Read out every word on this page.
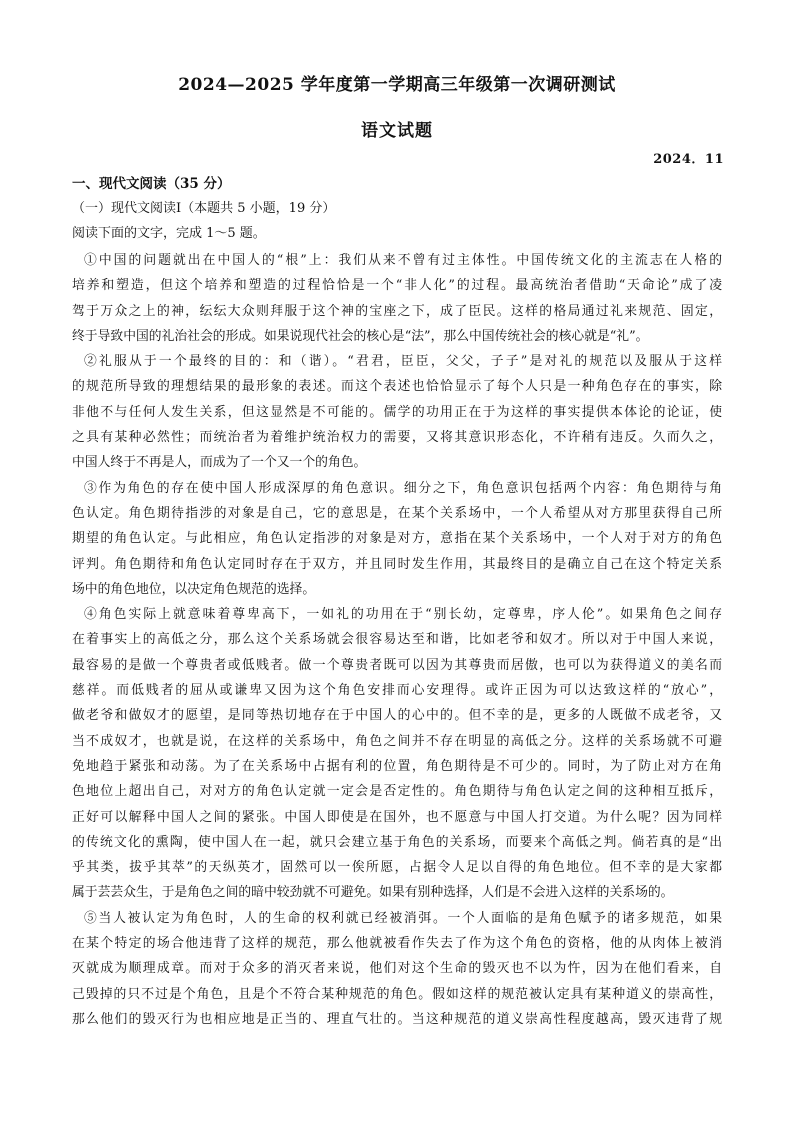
2024—2025 学年度第一学期高三年级第一次调研测试
语文试题
2024．11
一、现代文阅读（35 分）
（一）现代文阅读Ⅰ（本题共 5 小题，19 分）
阅读下面的文字，完成 1～5 题。
①中国的问题就出在中国人的“根”上：我们从来不曾有过主体性。中国传统文化的主流志在人格的
培养和塑造，但这个培养和塑造的过程恰恰是一个“非人化”的过程。最高统治者借助“天命论”成了凌
驾于万众之上的神，纭纭大众则拜服于这个神的宝座之下，成了臣民。这样的格局通过礼来规范、固定，
终于导致中国的礼治社会的形成。如果说现代社会的核心是“法”，那么中国传统社会的核心就是“礼”。
②礼服从于一个最终的目的：和（谐）。“君君，臣臣，父父，子子”是对礼的规范以及服从于这样
的规范所导致的理想结果的最形象的表述。而这个表述也恰恰显示了每个人只是一种角色存在的事实，除
非他不与任何人发生关系，但这显然是不可能的。儒学的功用正在于为这样的事实提供本体论的论证，使
之具有某种必然性；而统治者为着维护统治权力的需要，又将其意识形态化，不许稍有违反。久而久之，
中国人终于不再是人，而成为了一个又一个的角色。
③作为角色的存在使中国人形成深厚的角色意识。细分之下，角色意识包括两个内容：角色期待与角
色认定。角色期待指涉的对象是自己，它的意思是，在某个关系场中，一个人希望从对方那里获得自己所
期望的角色认定。与此相应，角色认定指涉的对象是对方，意指在某个关系场中，一个人对于对方的角色
评判。角色期待和角色认定同时存在于双方，并且同时发生作用，其最终目的是确立自己在这个特定关系
场中的角色地位，以决定角色规范的选择。
④角色实际上就意味着尊卑高下，一如礼的功用在于“别长幼，定尊卑，序人伦”。如果角色之间存
在着事实上的高低之分，那么这个关系场就会很容易达至和谐，比如老爷和奴才。所以对于中国人来说，
最容易的是做一个尊贵者或低贱者。做一个尊贵者既可以因为其尊贵而居傲，也可以为获得道义的美名而
慈祥。而低贱者的屈从或谦卑又因为这个角色安排而心安理得。或许正因为可以达致这样的“放心”，
做老爷和做奴才的愿望，是同等热切地存在于中国人的心中的。但不幸的是，更多的人既做不成老爷，又
当不成奴才，也就是说，在这样的关系场中，角色之间并不存在明显的高低之分。这样的关系场就不可避
免地趋于紧张和动荡。为了在关系场中占据有利的位置，角色期待是不可少的。同时，为了防止对方在角
色地位上超出自己，对对方的角色认定就一定会是否定性的。角色期待与角色认定之间的这种相互抵斥，
正好可以解释中国人之间的紧张。中国人即使是在国外，也不愿意与中国人打交道。为什么呢？因为同样
的传统文化的熏陶，使中国人在一起，就只会建立基于角色的关系场，而要来个高低之判。倘若真的是“出
乎其类，拔乎其萃”的天纵英才，固然可以一俟所愿，占据令人足以自得的角色地位。但不幸的是大家都
属于芸芸众生，于是角色之间的暗中较劲就不可避免。如果有别种选择，人们是不会进入这样的关系场的。
⑤当人被认定为角色时，人的生命的权利就已经被消弭。一个人面临的是角色赋予的诸多规范，如果
在某个特定的场合他违背了这样的规范，那么他就被看作失去了作为这个角色的资格，他的从肉体上被消
灭就成为顺理成章。而对于众多的消灭者来说，他们对这个生命的毁灭也不以为忤，因为在他们看来，自
己毁掉的只不过是个角色，且是个不符合某种规范的角色。假如这样的规范被认定具有某种道义的崇高性，
那么他们的毁灭行为也相应地是正当的、理直气壮的。当这种规范的道义崇高性程度越高，毁灭违背了规
